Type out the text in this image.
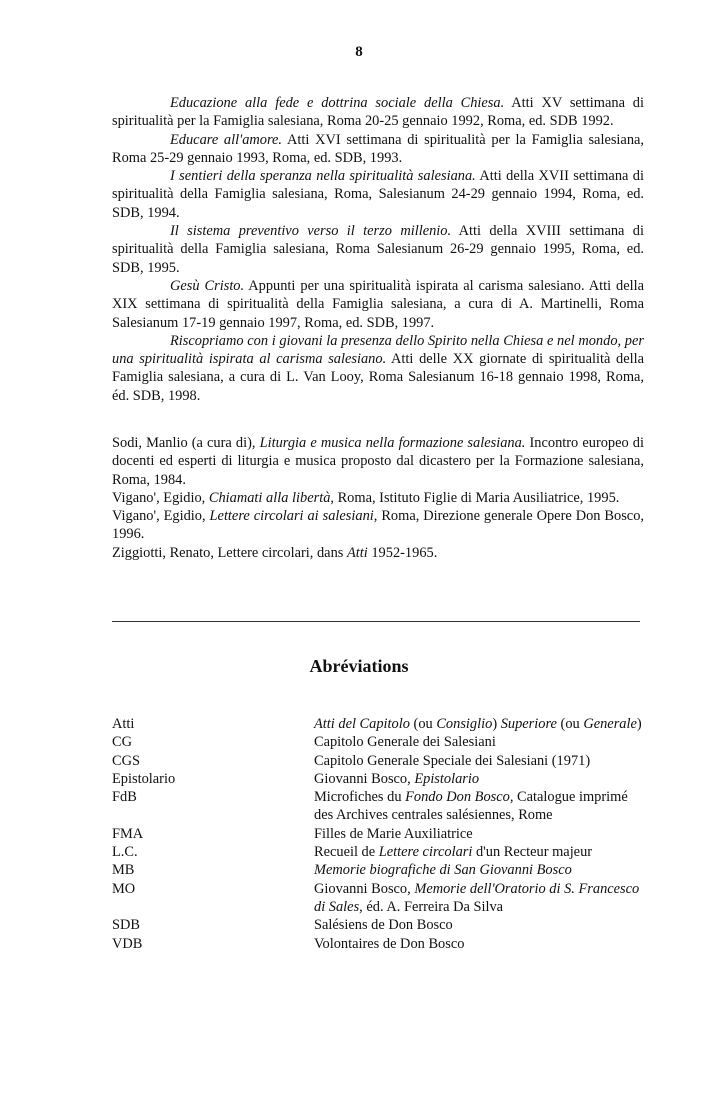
8

Educazione alla fede e dottrina sociale della Chiesa. Atti XV settimana di spiritualità per la Famiglia salesiana, Roma 20-25 gennaio 1992, Roma, ed. SDB 1992.

Educare all'amore. Atti XVI settimana di spiritualità per la Famiglia salesiana, Roma 25-29 gennaio 1993, Roma, ed. SDB, 1993.

I sentieri della speranza nella spiritualità salesiana. Atti della XVII settimana di spiritualità della Famiglia salesiana, Roma, Salesianum 24-29 gennaio 1994, Roma, ed. SDB, 1994.

Il sistema preventivo verso il terzo millenio. Atti della XVIII settimana di spiritualità della Famiglia salesiana, Roma Salesianum 26-29 gennaio 1995, Roma, ed. SDB, 1995.

Gesù Cristo. Appunti per una spiritualità ispirata al carisma salesiano. Atti della XIX settimana di spiritualità della Famiglia salesiana, a cura di A. Martinelli, Roma Salesianum 17-19 gennaio 1997, Roma, ed. SDB, 1997.

Riscopriamo con i giovani la presenza dello Spirito nella Chiesa e nel mondo, per una spiritualità ispirata al carisma salesiano. Atti delle XX giornate di spiritualità della Famiglia salesiana, a cura di L. Van Looy, Roma Salesianum 16-18 gennaio 1998, Roma, éd. SDB, 1998.

Sodi, Manlio (a cura di), Liturgia e musica nella formazione salesiana. Incontro europeo di docenti ed esperti di liturgia e musica proposto dal dicastero per la Formazione salesiana, Roma, 1984.

Vigano', Egidio, Chiamati alla libertà, Roma, Istituto Figlie di Maria Ausiliatrice, 1995.

Vigano', Egidio, Lettere circolari ai salesiani, Roma, Direzione generale Opere Don Bosco, 1996.

Ziggiotti, Renato, Lettere circolari, dans Atti 1952-1965.

Abréviations
Atti	Atti del Capitolo (ou Consiglio) Superiore (ou Generale)
CG	Capitolo Generale dei Salesiani
CGS	Capitolo Generale Speciale dei Salesiani (1971)
Epistolario	Giovanni Bosco, Epistolario
FdB	Microfiches du Fondo Don Bosco, Catalogue imprimé des Archives centrales salésiennes, Rome
FMA	Filles de Marie Auxiliatrice
L.C.	Recueil de Lettere circolari d'un Recteur majeur
MB	Memorie biografiche di San Giovanni Bosco
MO	Giovanni Bosco, Memorie dell'Oratorio di S. Francesco di Sales, éd. A. Ferreira Da Silva
SDB	Salésiens de Don Bosco
VDB	Volontaires de Don Bosco
